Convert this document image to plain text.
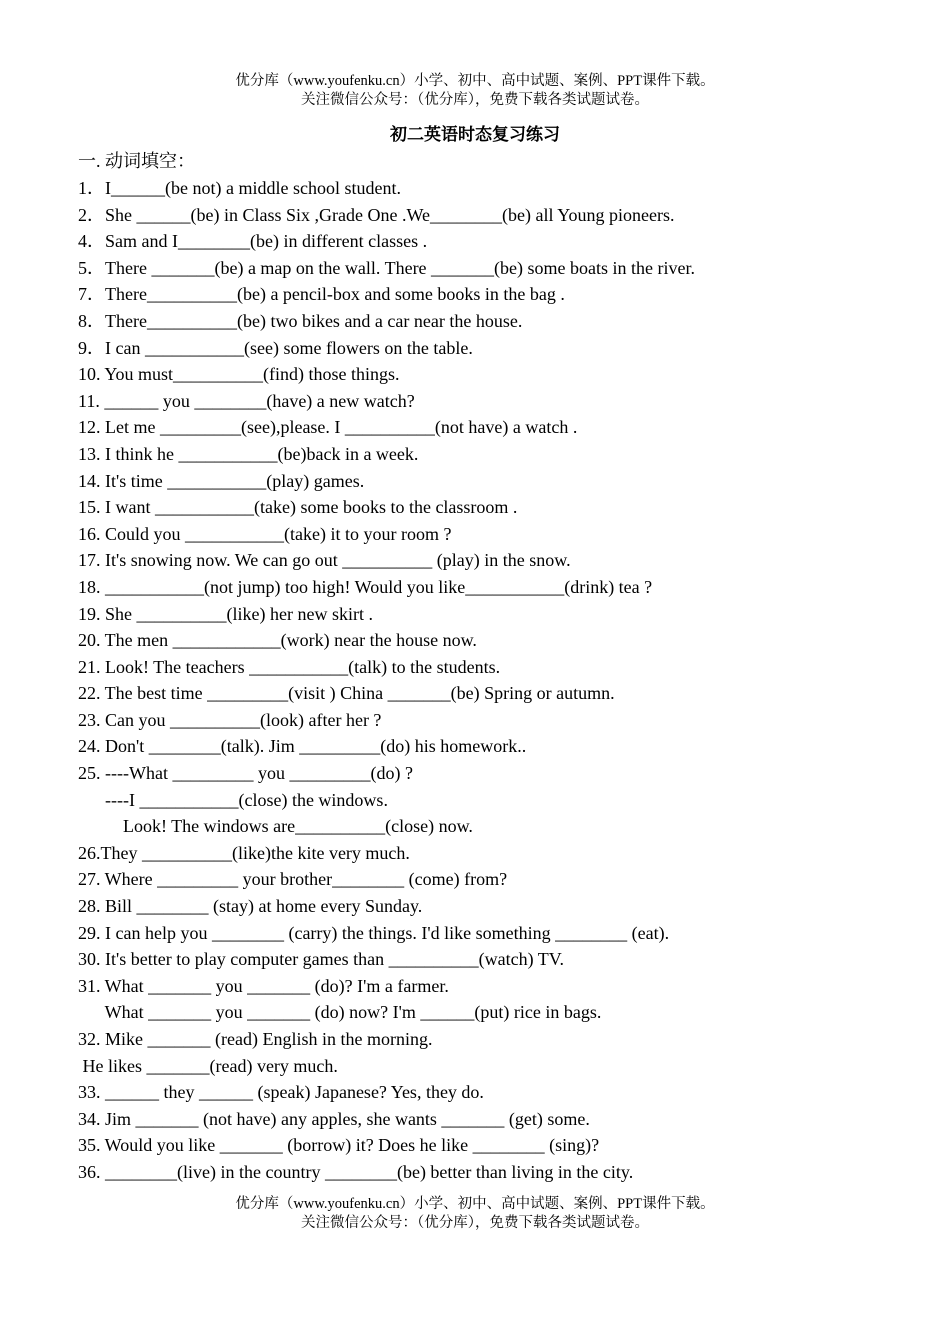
优分库（www.youfenku.cn）小学、初中、高中试题、案例、PPT课件下载。
关注微信公众号：（优分库），免费下载各类试题试卷。
初二英语时态复习练习
一. 动词填空：
1．I______(be not) a middle school student.
2．She ______(be) in Class Six ,Grade One .We________(be) all Young pioneers.
4．Sam and I________(be) in different classes .
5．There _______(be) a map on the wall. There _______(be) some boats in the river.
7．There__________(be) a pencil-box and some books in the bag .
8．There__________(be) two bikes and a car near the house.
9．I can ___________(see) some flowers on the table.
10. You must__________(find) those things.
11. ______ you ________(have) a new watch?
12. Let me _________(see),please. I __________(not have) a watch .
13. I think he ___________(be)back in a week.
14. It's time ___________(play) games.
15. I want ___________(take) some books to the classroom .
16. Could you ___________(take) it to your room ?
17. It's snowing now. We can go out __________ (play) in the snow.
18. ___________(not jump) too high! Would you like___________(drink) tea ?
19. She __________(like) her new skirt .
20. The men ____________(work) near the house now.
21. Look! The teachers ___________(talk) to the students.
22. The best time _________(visit ) China _______(be) Spring or autumn.
23. Can you __________(look) after her ?
24. Don't ________(talk). Jim _________(do) his homework..
25. ----What _________ you _________(do) ?
----I ___________(close) the windows.
Look! The windows are__________(close) now.
26.They __________(like)the kite very much.
27. Where _________ your brother________ (come) from?
28. Bill ________ (stay) at home every Sunday.
29. I can help you ________ (carry) the things. I'd like something ________ (eat).
30. It's better to play computer games than __________(watch) TV.
31. What _______ you _______ (do)? I'm a farmer.
What _______ you _______ (do) now? I'm ______(put) rice in bags.
32. Mike _______ (read) English in the morning.
He likes _______(read) very much.
33. ______ they ______ (speak) Japanese? Yes, they do.
34. Jim _______ (not have) any apples, she wants _______ (get) some.
35. Would you like _______ (borrow) it? Does he like ________ (sing)?
36. ________(live) in the country ________(be) better than living in the city.
优分库（www.youfenku.cn）小学、初中、高中试题、案例、PPT课件下载。
关注微信公众号：（优分库），免费下载各类试题试卷。
